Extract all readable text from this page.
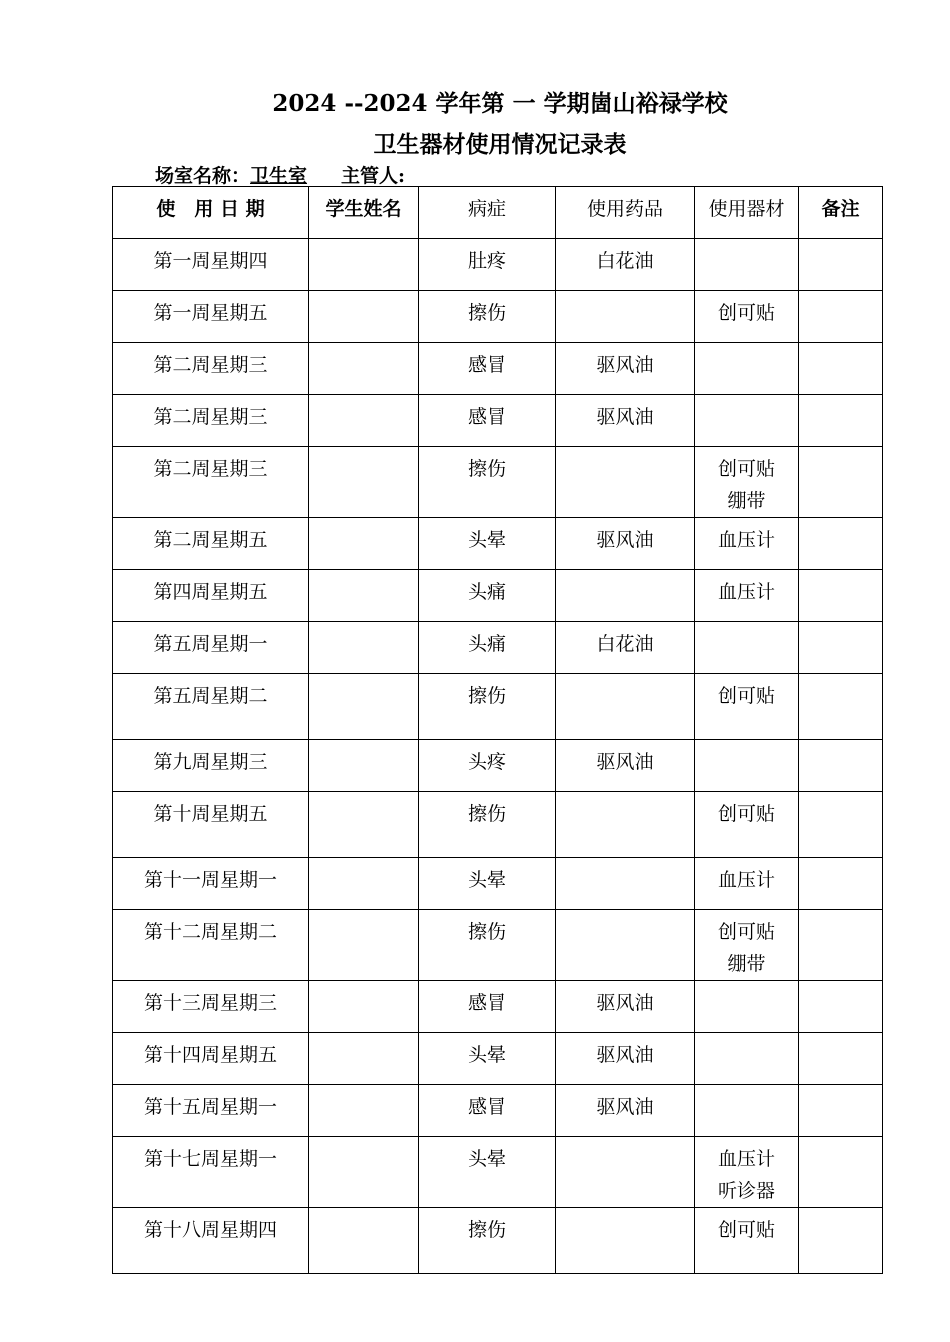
2024 --2024 学年第 一 学期崮山裕禄学校
卫生器材使用情况记录表
场室名称：卫生室 主管人:
使　用 日 期	学生姓名	病症	使用药品	使用器材	备注
第一周星期四		肚疼	白花油		
第一周星期五		擦伤		创可贴	

第二周星期三		感冒	驱风油		
第二周星期三		感冒	驱风油		
第二周星期三		擦伤		创可贴
绷带	

第二周星期五		头晕	驱风油	血压计	

第四周星期五		头痛		血压计	

第五周星期一		头痛	白花油		
第五周星期二		擦伤		创可贴	

第九周星期三		头疼	驱风油		
第十周星期五		擦伤		创可贴	

第十一周星期一		头晕		血压计	

第十二周星期二		擦伤		创可贴
绷带	

第十三周星期三		感冒	驱风油		
第十四周星期五		头晕	驱风油		
第十五周星期一		感冒	驱风油		
第十七周星期一		头晕		血压计
听诊器	

第十八周星期四		擦伤		创可贴	
